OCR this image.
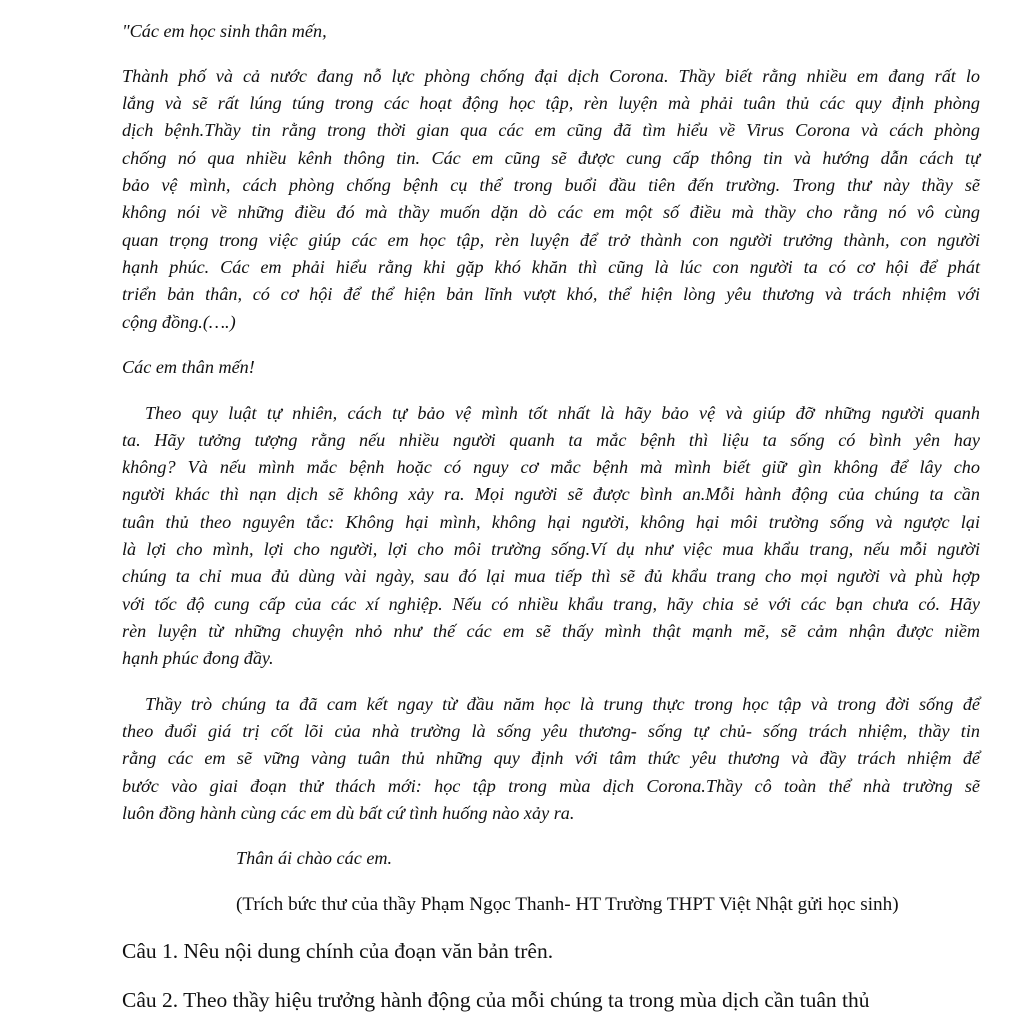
"Các em học sinh thân mến,
Thành phố và cả nước đang nỗ lực phòng chống đại dịch Corona. Thầy biết rằng nhiều em đang rất lo
lắng và sẽ rất lúng túng trong các hoạt động học tập, rèn luyện mà phải tuân thủ các quy định phòng
dịch bệnh.Thầy tin rằng trong thời gian qua các em cũng đã tìm hiểu về Virus Corona và cách phòng
chống nó qua nhiều kênh thông tin. Các em cũng sẽ được cung cấp thông tin và hướng dẫn cách tự
bảo vệ mình, cách phòng chống bệnh cụ thể trong buổi đầu tiên đến trường. Trong thư này thầy sẽ
không nói về những điều đó mà thầy muốn dặn dò các em một số điều mà thầy cho rằng nó vô cùng
quan trọng trong việc giúp các em học tập, rèn luyện để trở thành con người trưởng thành, con người
hạnh phúc. Các em phải hiểu rằng khi gặp khó khăn thì cũng là lúc con người ta có cơ hội để phát
triển bản thân, có cơ hội để thể hiện bản lĩnh vượt khó, thể hiện lòng yêu thương và trách nhiệm với
cộng đồng.(….)
Các em thân mến!
Theo quy luật tự nhiên, cách tự bảo vệ mình tốt nhất là hãy bảo vệ và giúp đỡ những người quanh
ta. Hãy tưởng tượng rằng nếu nhiều người quanh ta mắc bệnh thì liệu ta sống có bình yên hay
không? Và nếu mình mắc bệnh hoặc có nguy cơ mắc bệnh mà mình biết giữ gìn không để lây cho
người khác thì nạn dịch sẽ không xảy ra. Mọi người sẽ được bình an.Mỗi hành động của chúng ta cần
tuân thủ theo nguyên tắc: Không hại mình, không hại người, không hại môi trường sống và ngược lại
là lợi cho mình, lợi cho người, lợi cho môi trường sống.Ví dụ như việc mua khẩu trang, nếu mỗi người
chúng ta chỉ mua đủ dùng vài ngày, sau đó lại mua tiếp thì sẽ đủ khẩu trang cho mọi người và phù hợp
với tốc độ cung cấp của các xí nghiệp. Nếu có nhiều khẩu trang, hãy chia sẻ với các bạn chưa có. Hãy
rèn luyện từ những chuyện nhỏ như thế các em sẽ thấy mình thật mạnh mẽ, sẽ cảm nhận được niềm
hạnh phúc đong đầy.
Thầy trò chúng ta đã cam kết ngay từ đầu năm học là trung thực trong học tập và trong đời sống để
theo đuổi giá trị cốt lõi của nhà trường là sống yêu thương- sống tự chủ- sống trách nhiệm, thầy tin
rằng các em sẽ vững vàng tuân thủ những quy định với tâm thức yêu thương và đầy trách nhiệm để
bước vào giai đoạn thử thách mới: học tập trong mùa dịch Corona.Thầy cô toàn thể nhà trường sẽ
luôn đồng hành cùng các em dù bất cứ tình huống nào xảy ra.
Thân ái chào các em.
(Trích bức thư của thầy Phạm Ngọc Thanh- HT Trường THPT Việt Nhật gửi học sinh)
Câu 1. Nêu nội dung chính của đoạn văn bản trên.
Câu 2. Theo thầy hiệu trưởng hành động của mỗi chúng ta trong mùa dịch cần tuân thủ
